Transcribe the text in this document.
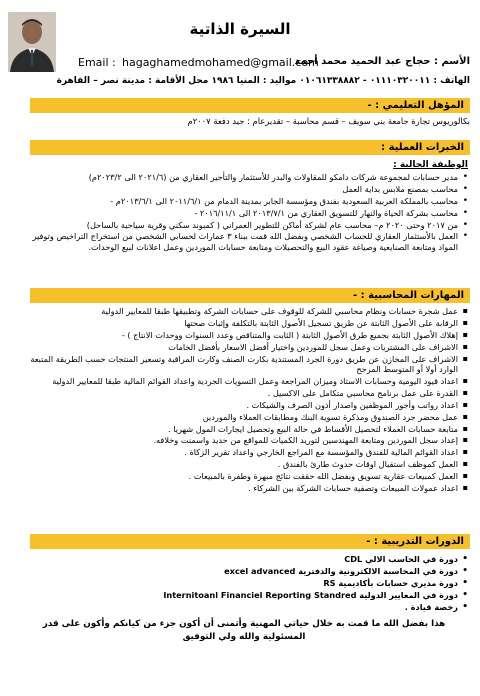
السيرة الذاتية
Email : hagaghamedmohamed@gmail.com
الأسم : حجاج عبد الحميد محمد أحمد
الهاتف : ٠١١١٠٣٢٠٠١١ - ٠١٠٦١٣٣٨٨٨٢ مواليد : المنيا ١٩٨٦ محل الأقامة : مدينة نصر – القاهرة
المؤهل التعليمي : -
بكالوريوس تجارة جامعة بني سويف – قسم محاسبة – تقديرعام : جيد دفعة ٢٠٠٧م
الخبرات العملية :
الوظيفة الحالية :
• مدير حسابات لمجموعة شركات دامكو للمقاولات والبدر للأستثمار والتأجير العقاري من (٢٠٢١/٦ الى ٢٠٢٣/٢م)
• محاسب بمصنع ملابس بداية العمل
• محاسب بالمملكة العربية السعودية بفندق ومؤسسة الجابر بمدينة الدمام من ٢٠١١/٦/١ الى ٢٠١٣/٦/١م -
• محاسب بشركة الحياة والنهار للتسويق العقاري من ٢٠١٣/٧/١ الى ٢٠١٦/١١/١ -
• من ٢٠١٧ وحتى ٢٠٢٠ م– محاسب عام لشركة أماكن للتطوير العمراني ( كمبوند سكني وقرية سياحية بالساحل)
• العمل بالأستثمار العقاري للحساب الشخصي وبفضل الله قمت ببناء ٣ عمارات لحسابي الشخصي من استخراج التراخيص وتوفير المواد ومتابعة الصنايعية وصياغة عقود البيع والتحصيلات ومتابعة حسابات الموردين وعمل اعلانات لبيع الوحدات.
المهارات المحاسبية : -
▪ عمل شجرة حسابات ونظام محاسبي للشركة للوقوف على حسابات الشركة وتطبيقها طبقا للمعايير الدولية
▪ الرقابة على الأصول الثابتة عن طريق تسجيل الأصول الثابتة بالتكلفة وإثبات صحتها
▪ إهلاك الأصول الثابتة بجميع طرق الأصول الثابتة ( الثابت والمتناقص وعدد السنوات ووحدات الانتاج ) -
▪ الاشراف على المشتريات وعمل سجل للموردين واختيار أفضل الاسعار بأفضل الخامات
▪ الاشراف على المخازن عن طريق دورة الجرد المستندية بكارت الصنف وكارت المراقبة وتسعير المنتجات حسب الطريقة المتبعة الوارد أولا أو المتوسط المرجح
▪ اعداد قيود اليومية وحسابات الاستاذ وميزان المراجعة وعمل التسويات الجردية واعداد القوائم المالية طبقا للمعايير الدولية
▪ القدرة على عمل برنامج محاسبي متكامل على الاكسيل .
▪ اعداد رواتب وأجور الموظفين واصدار أذون الصرف والشيكات .
▪ عمل محضر جرد الصندوق ومذكرة تسوية البنك ومطابقات العملاء والموردين
▪ متابعة حسابات العملاء لتحصيل الأقساط في حالة البيع وتحصيل ايجارات المول شهريا .
▪ إعداد سجل الموردين ومتابعة المهندسين لتوريد الكميات للمواقع من حديد واسمنت وخلافه.
▪ اعداد القوائم المالية للفندق والمؤسسة مع المراجع الخارجي واعداد تقرير الزكاة .
▪ العمل كموظف استقبال اوقات حدوث طارئ بالفندق .
▪ العمل كمبيعات عقارية تسويق وبفضل الله حققت نتائج مبهرة وطفرة بالمبيعات .
▪ اعداد عمولات المبيعات وتصفية حسابات الشركة بين الشركاء .
الدورات التدريبية : -
• دورة في الحاسب الالي CDL
• دورة في المحاسبة الالكترونية والدفترية excel advanced
• دورة مديري حسابات بأكاديمية RS
• دورة في المعايير الدولية Internitoanl Financiel Reporting Standred
• رخصة قيادة .
هذا بفضل الله ما قمت به خلال حياتي المهنية وأتمنى أن أكون جزء من كيانكم وأكون على قدر المسئولية والله ولي التوفيق
